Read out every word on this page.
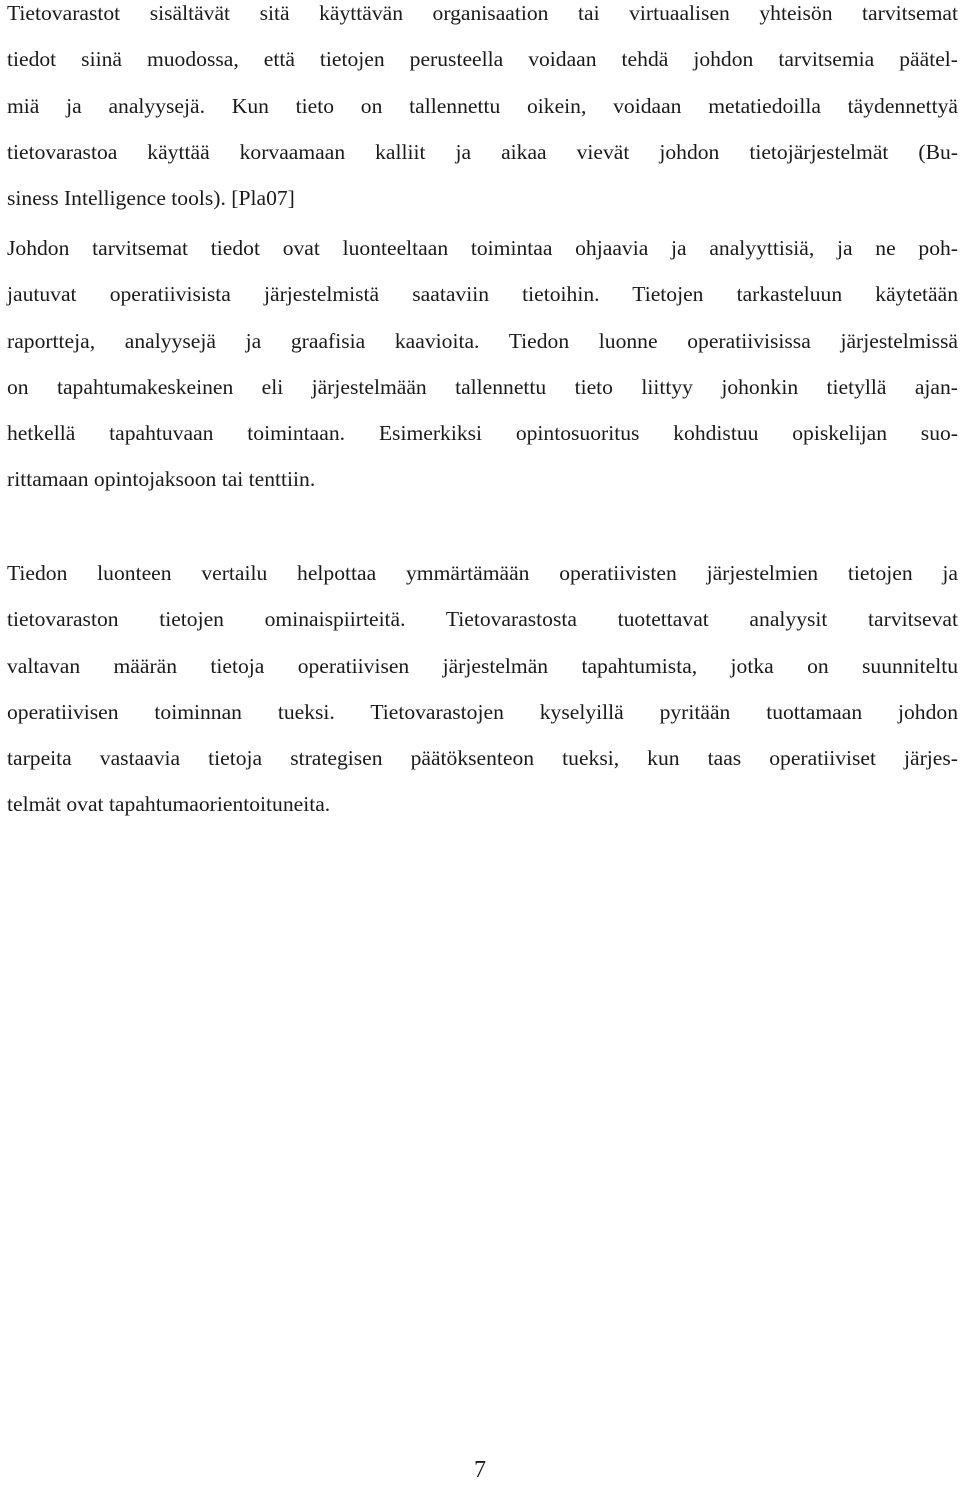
Tietovarastot sisältävät sitä käyttävän organisaation tai virtuaalisen yhteisön tarvitsemat
tiedot siinä muodossa, että tietojen perusteella voidaan tehdä johdon tarvitsemia päätel-
miä ja analyysejä. Kun tieto on tallennettu oikein, voidaan metatiedoilla täydennettyä
tietovarastoa käyttää korvaamaan kalliit ja aikaa vievät johdon tietojärjestelmät (Bu-
siness Intelligence tools). [Pla07]

Johdon tarvitsemat tiedot ovat luonteeltaan toimintaa ohjaavia ja analyyttisiä, ja ne poh-
jautuvat operatiivisista järjestelmistä saataviin tietoihin. Tietojen tarkasteluun käytetään
raportteja, analyysejä ja graafisia kaavioita. Tiedon luonne operatiivisissa järjestelmissä
on tapahtumakeskeinen eli järjestelmään tallennettu tieto liittyy johonkin tietyllä ajan-
hetkellä tapahtuvaan toimintaan. Esimerkiksi opintosuoritus kohdistuu opiskelijan suo-
rittamaan opintojaksoon tai tenttiin.

Tiedon luonteen vertailu helpottaa ymmärtämään operatiivisten järjestelmien tietojen ja
tietovaraston tietojen ominaispiirteitä. Tietovarastosta tuotettavat analyysit tarvitsevat
valtavan määrän tietoja operatiivisen järjestelmän tapahtumista, jotka on suunniteltu
operatiivisen toiminnan tueksi. Tietovarastojen kyselyillä pyritään tuottamaan johdon
tarpeita vastaavia tietoja strategisen päätöksenteon tueksi, kun taas operatiiviset järjes-
telmät ovat tapahtumaorientoituneita.

7
